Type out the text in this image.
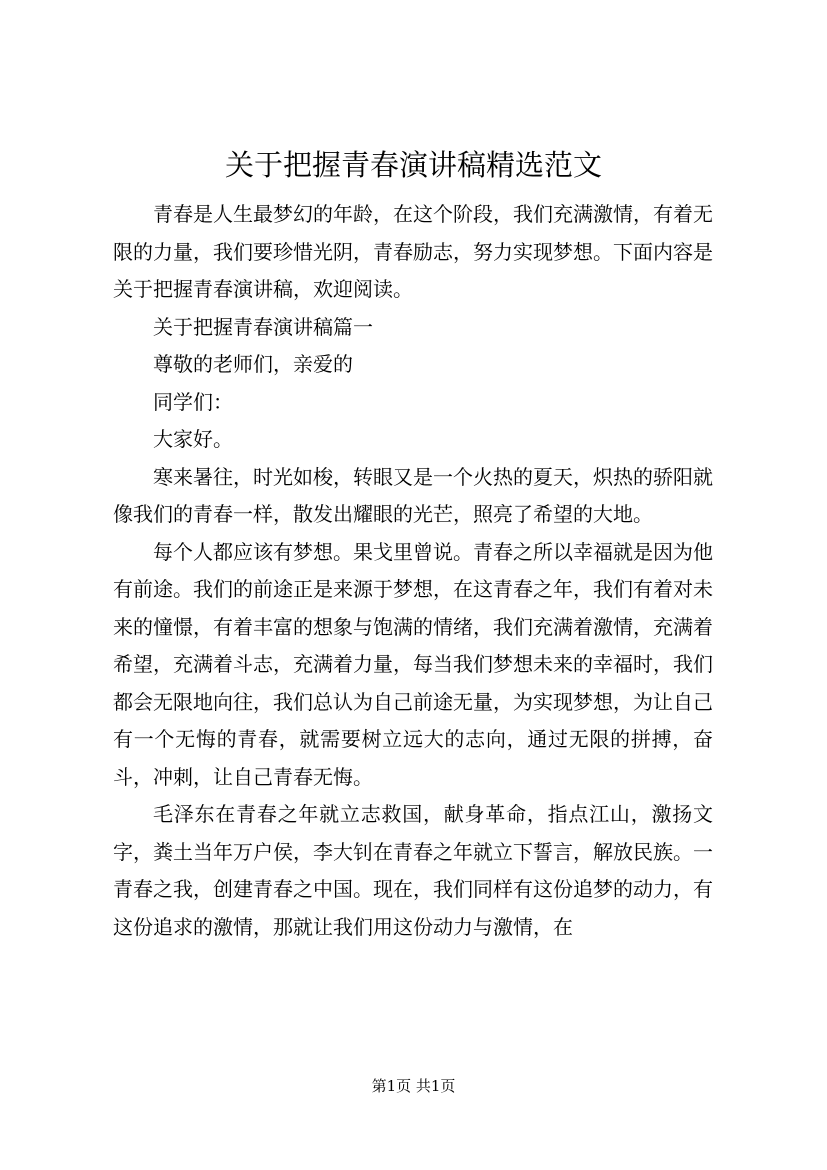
关于把握青春演讲稿精选范文

青春是人生最梦幻的年龄，在这个阶段，我们充满激情，有着无限的力量，我们要珍惜光阴，青春励志，努力实现梦想。下面内容是关于把握青春演讲稿，欢迎阅读。

关于把握青春演讲稿篇一

尊敬的老师们，亲爱的

同学们：

大家好。

寒来暑往，时光如梭，转眼又是一个火热的夏天，炽热的骄阳就像我们的青春一样，散发出耀眼的光芒，照亮了希望的大地。

每个人都应该有梦想。果戈里曾说。青春之所以幸福就是因为他有前途。我们的前途正是来源于梦想，在这青春之年，我们有着对未来的憧憬，有着丰富的想象与饱满的情绪，我们充满着激情，充满着希望，充满着斗志，充满着力量，每当我们梦想未来的幸福时，我们都会无限地向往，我们总认为自己前途无量，为实现梦想，为让自己有一个无悔的青春，就需要树立远大的志向，通过无限的拼搏，奋斗，冲刺，让自己青春无悔。

毛泽东在青春之年就立志救国，献身革命，指点江山，激扬文字，粪土当年万户侯，李大钊在青春之年就立下誓言，解放民族。一青春之我，创建青春之中国。现在，我们同样有这份追梦的动力，有这份追求的激情，那就让我们用这份动力与激情，在

第1页 共1页
